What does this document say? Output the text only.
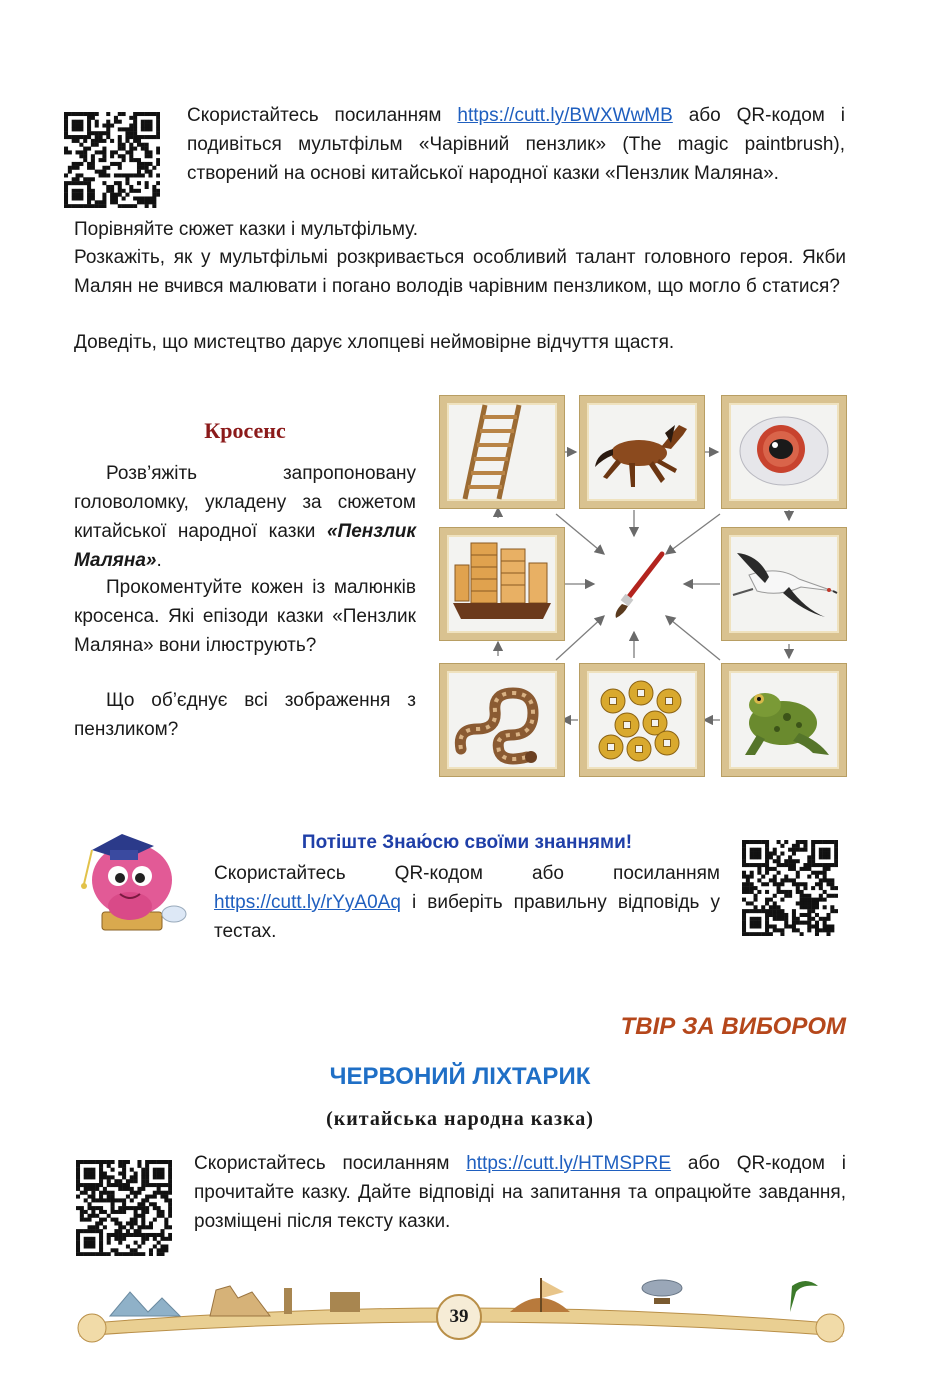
Скористайтесь посиланням https://cutt.ly/BWXWwMB або QR-кодом і подивіться мультфільм «Чарівний пензлик» (The magic paintbrush), створений на основі китайської народної казки «Пензлик Маляна».

Порівняйте сюжет казки і мультфільму.

Розкажіть, як у мультфільмі розкривається особливий талант головного героя. Якби Малян не вчився малювати і погано володів чарівним пензликом, що могло б статися?

Доведіть, що мистецтво дарує хлопцеві неймовірне відчуття щастя.

Кросенс

Розв’яжіть запропоновану головоломку, укладену за сюжетом китайської народної казки «Пензлик Маляна».

Прокоментуйте кожен із малюнків кросенса. Які епізоди казки «Пензлик Маляна» вони ілюструють?

Що об’єднує всі зображення з пензликом?

Потіште Знаю́сю своїми знаннями!

Скористайтесь QR-кодом або посиланням https://cutt.ly/rYyA0Aq і виберіть правильну відповідь у тестах.

ТВІР ЗА ВИБОРОМ
ЧЕРВОНИЙ ЛІХТАРИК
(китайська народна казка)

Скористайтесь посиланням https://cutt.ly/HTMSPRE або QR-кодом і прочитайте казку. Дайте відповіді на запитання та опрацюйте завдання, розміщені після тексту казки.

39
